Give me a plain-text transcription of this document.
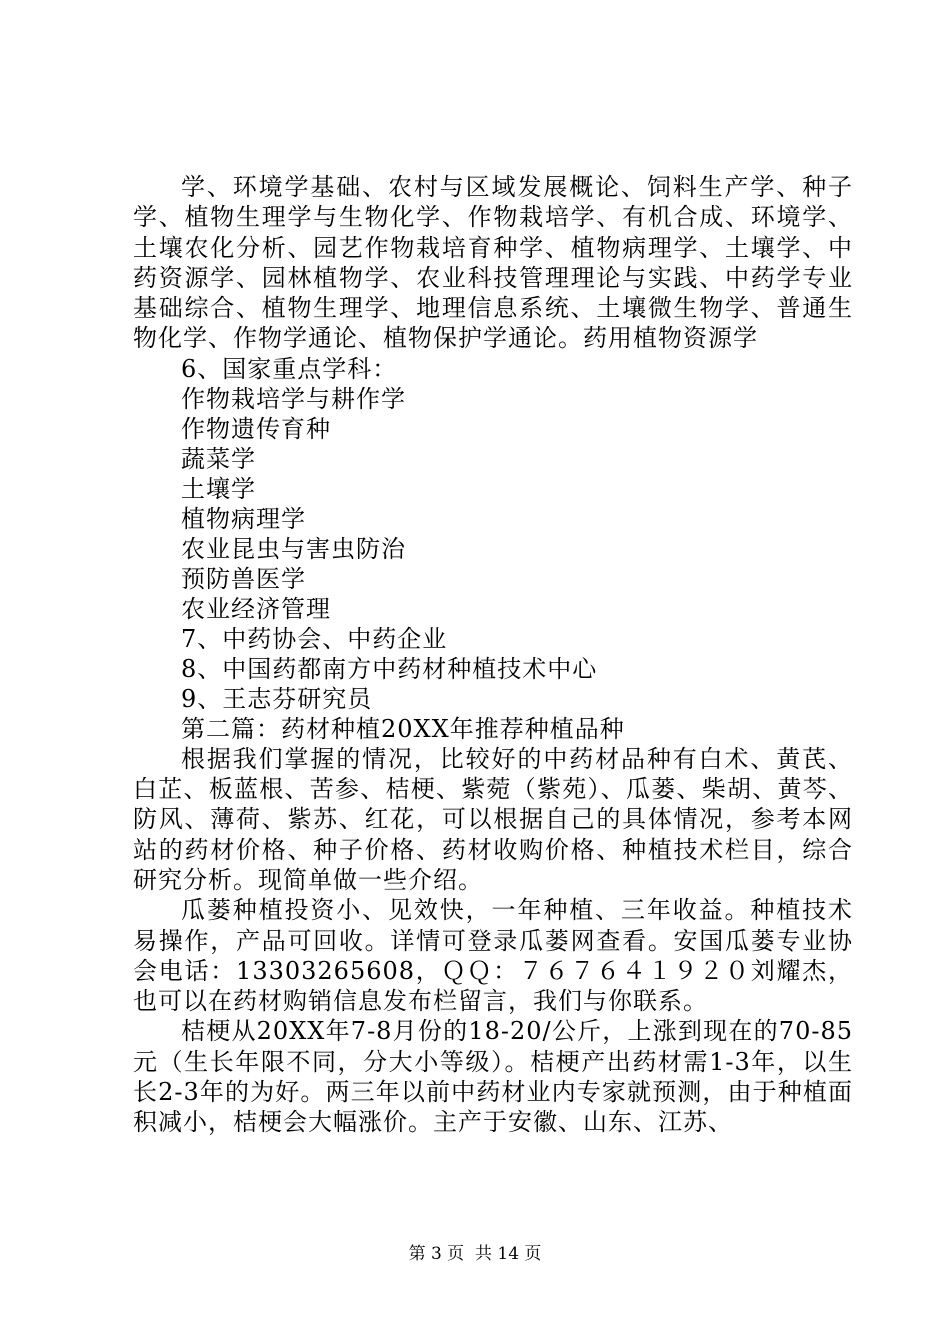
学、环境学基础、农村与区域发展概论、饲料生产学、种子学、植物生理学与生物化学、作物栽培学、有机合成、环境学、土壤农化分析、园艺作物栽培育种学、植物病理学、土壤学、中药资源学、园林植物学、农业科技管理理论与实践、中药学专业基础综合、植物生理学、地理信息系统、土壤微生物学、普通生物化学、作物学通论、植物保护学通论。药用植物资源学

6、国家重点学科：

作物栽培学与耕作学

作物遗传育种

蔬菜学

土壤学

植物病理学

农业昆虫与害虫防治

预防兽医学

农业经济管理

7、中药协会、中药企业

8、中国药都南方中药材种植技术中心

9、王志芬研究员

第二篇：药材种植20XX年推荐种植品种

根据我们掌握的情况，比较好的中药材品种有白术、黄芪、白芷、板蓝根、苦参、桔梗、紫菀（紫苑）、瓜蒌、柴胡、黄芩、防风、薄荷、紫苏、红花，可以根据自己的具体情况，参考本网站的药材价格、种子价格、药材收购价格、种植技术栏目，综合研究分析。现简单做一些介绍。

瓜蒌种植投资小、见效快，一年种植、三年收益。种植技术易操作，产品可回收。详情可登录瓜蒌网查看。安国瓜蒌专业协会电话：13303265608，ＱＱ：７６７６４１９２０刘耀杰，也可以在药材购销信息发布栏留言，我们与你联系。

桔梗从20XX年7-8月份的18-20/公斤，上涨到现在的70-85元（生长年限不同，分大小等级）。桔梗产出药材需1-3年，以生长2-3年的为好。两三年以前中药材业内专家就预测，由于种植面积减小，桔梗会大幅涨价。主产于安徽、山东、江苏、

第 3 页  共 14 页
